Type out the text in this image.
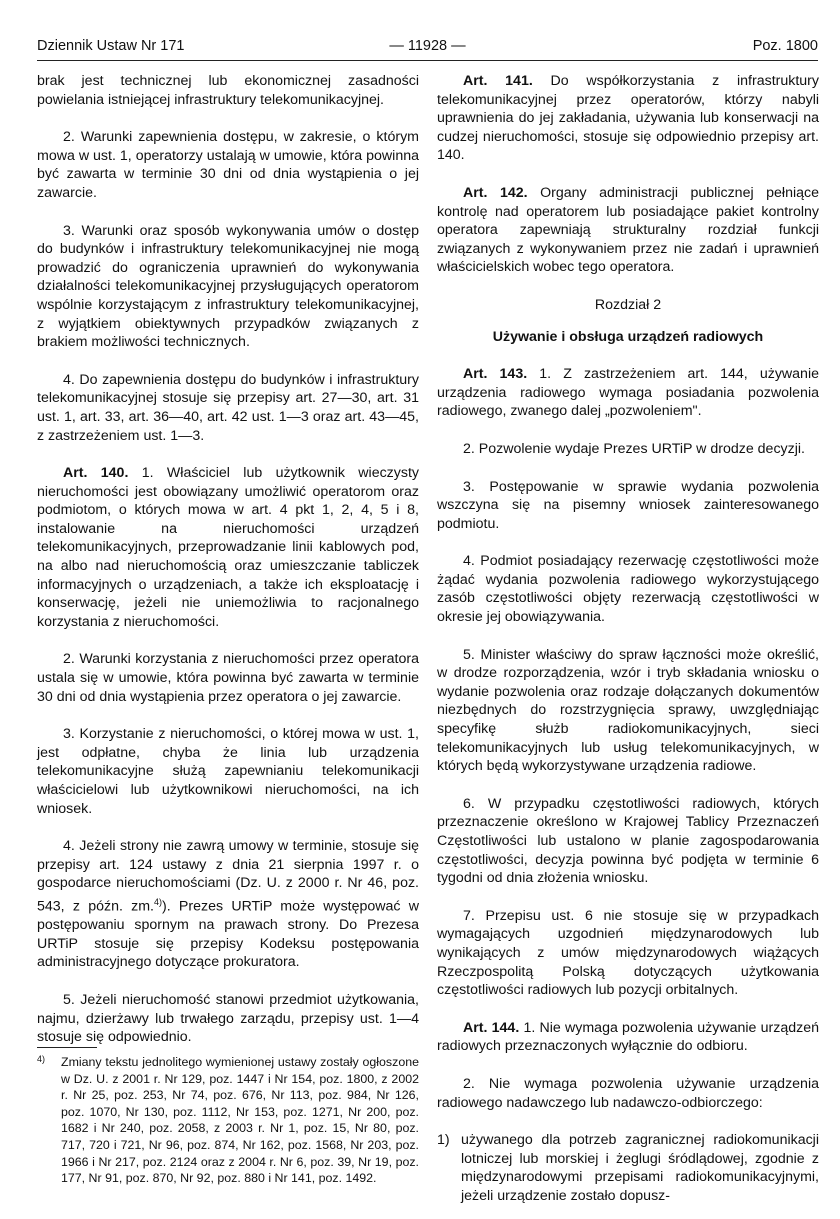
Dziennik Ustaw Nr 171	— 11928 —	Poz. 1800

brak jest technicznej lub ekonomicznej zasadności powielania istniejącej infrastruktury telekomunikacyjnej.

2. Warunki zapewnienia dostępu, w zakresie, o którym mowa w ust. 1, operatorzy ustalają w umowie, która powinna być zawarta w terminie 30 dni od dnia wystąpienia o jej zawarcie.

3. Warunki oraz sposób wykonywania umów o dostęp do budynków i infrastruktury telekomunikacyjnej nie mogą prowadzić do ograniczenia uprawnień do wykonywania działalności telekomunikacyjnej przysługujących operatorom wspólnie korzystającym z infrastruktury telekomunikacyjnej, z wyjątkiem obiektywnych przypadków związanych z brakiem możliwości technicznych.

4. Do zapewnienia dostępu do budynków i infrastruktury telekomunikacyjnej stosuje się przepisy art. 27—30, art. 31 ust. 1, art. 33, art. 36—40, art. 42 ust. 1—3 oraz art. 43—45, z zastrzeżeniem ust. 1—3.

Art. 140. 1. Właściciel lub użytkownik wieczysty nieruchomości jest obowiązany umożliwić operatorom oraz podmiotom, o których mowa w art. 4 pkt 1, 2, 4, 5 i 8, instalowanie na nieruchomości urządzeń telekomunikacyjnych, przeprowadzanie linii kablowych pod, na albo nad nieruchomością oraz umieszczanie tabliczek informacyjnych o urządzeniach, a także ich eksploatację i konserwację, jeżeli nie uniemożliwia to racjonalnego korzystania z nieruchomości.

2. Warunki korzystania z nieruchomości przez operatora ustala się w umowie, która powinna być zawarta w terminie 30 dni od dnia wystąpienia przez operatora o jej zawarcie.

3. Korzystanie z nieruchomości, o której mowa w ust. 1, jest odpłatne, chyba że linia lub urządzenia telekomunikacyjne służą zapewnianiu telekomunikacji właścicielowi lub użytkownikowi nieruchomości, na ich wniosek.

4. Jeżeli strony nie zawrą umowy w terminie, stosuje się przepisy art. 124 ustawy z dnia 21 sierpnia 1997 r. o gospodarce nieruchomościami (Dz. U. z 2000 r. Nr 46, poz. 543, z późn. zm.$^{4)}$). Prezes URTiP może występować w postępowaniu spornym na prawach strony. Do Prezesa URTiP stosuje się przepisy Kodeksu postępowania administracyjnego dotyczące prokuratora.

5. Jeżeli nieruchomość stanowi przedmiot użytkowania, najmu, dzierżawy lub trwałego zarządu, przepisy ust. 1—4 stosuje się odpowiednio.

4) Zmiany tekstu jednolitego wymienionej ustawy zostały ogłoszone w Dz. U. z 2001 r. Nr 129, poz. 1447 i Nr 154, poz. 1800, z 2002 r. Nr 25, poz. 253, Nr 74, poz. 676, Nr 113, poz. 984, Nr 126, poz. 1070, Nr 130, poz. 1112, Nr 153, poz. 1271, Nr 200, poz. 1682 i Nr 240, poz. 2058, z 2003 r. Nr 1, poz. 15, Nr 80, poz. 717, 720 i 721, Nr 96, poz. 874, Nr 162, poz. 1568, Nr 203, poz. 1966 i Nr 217, poz. 2124 oraz z 2004 r. Nr 6, poz. 39, Nr 19, poz. 177, Nr 91, poz. 870, Nr 92, poz. 880 i Nr 141, poz. 1492.

Art. 141. Do współkorzystania z infrastruktury telekomunikacyjnej przez operatorów, którzy nabyli uprawnienia do jej zakładania, używania lub konserwacji na cudzej nieruchomości, stosuje się odpowiednio przepisy art. 140.

Art. 142. Organy administracji publicznej pełniące kontrolę nad operatorem lub posiadające pakiet kontrolny operatora zapewniają strukturalny rozdział funkcji związanych z wykonywaniem przez nie zadań i uprawnień właścicielskich wobec tego operatora.

Rozdział 2

Używanie i obsługa urządzeń radiowych

Art. 143. 1. Z zastrzeżeniem art. 144, używanie urządzenia radiowego wymaga posiadania pozwolenia radiowego, zwanego dalej „pozwoleniem".

2. Pozwolenie wydaje Prezes URTiP w drodze decyzji.

3. Postępowanie w sprawie wydania pozwolenia wszczyna się na pisemny wniosek zainteresowanego podmiotu.

4. Podmiot posiadający rezerwację częstotliwości może żądać wydania pozwolenia radiowego wykorzystującego zasób częstotliwości objęty rezerwacją częstotliwości w okresie jej obowiązywania.

5. Minister właściwy do spraw łączności może określić, w drodze rozporządzenia, wzór i tryb składania wniosku o wydanie pozwolenia oraz rodzaje dołączanych dokumentów niezbędnych do rozstrzygnięcia sprawy, uwzględniając specyfikę służb radiokomunikacyjnych, sieci telekomunikacyjnych lub usług telekomunikacyjnych, w których będą wykorzystywane urządzenia radiowe.

6. W przypadku częstotliwości radiowych, których przeznaczenie określono w Krajowej Tablicy Przeznaczeń Częstotliwości lub ustalono w planie zagospodarowania częstotliwości, decyzja powinna być podjęta w terminie 6 tygodni od dnia złożenia wniosku.

7. Przepisu ust. 6 nie stosuje się w przypadkach wymagających uzgodnień międzynarodowych lub wynikających z umów międzynarodowych wiążących Rzeczpospolitą Polską dotyczących użytkowania częstotliwości radiowych lub pozycji orbitalnych.

Art. 144. 1. Nie wymaga pozwolenia używanie urządzeń radiowych przeznaczonych wyłącznie do odbioru.

2. Nie wymaga pozwolenia używanie urządzenia radiowego nadawczego lub nadawczo-odbiorczego:

1) używanego dla potrzeb zagranicznej radiokomunikacji lotniczej lub morskiej i żeglugi śródlądowej, zgodnie z międzynarodowymi przepisami radiokomunikacyjnymi, jeżeli urządzenie zostało dopusz-
